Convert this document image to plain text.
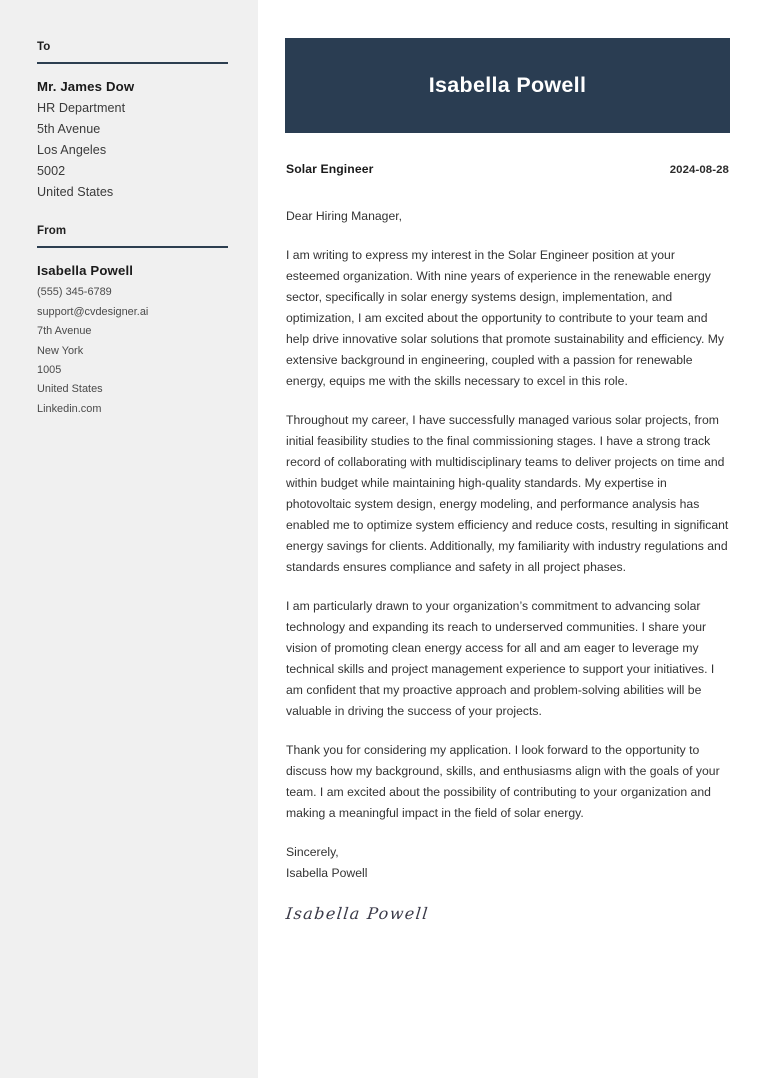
To
Mr. James Dow
HR Department
5th Avenue
Los Angeles
5002
United States
From
Isabella Powell
(555) 345-6789
support@cvdesigner.ai
7th Avenue
New York
1005
United States
Linkedin.com
Isabella Powell
Solar Engineer	2024-08-28

Dear Hiring Manager,

I am writing to express my interest in the Solar Engineer position at your esteemed organization. With nine years of experience in the renewable energy sector, specifically in solar energy systems design, implementation, and optimization, I am excited about the opportunity to contribute to your team and help drive innovative solar solutions that promote sustainability and efficiency. My extensive background in engineering, coupled with a passion for renewable energy, equips me with the skills necessary to excel in this role.

Throughout my career, I have successfully managed various solar projects, from initial feasibility studies to the final commissioning stages. I have a strong track record of collaborating with multidisciplinary teams to deliver projects on time and within budget while maintaining high-quality standards. My expertise in photovoltaic system design, energy modeling, and performance analysis has enabled me to optimize system efficiency and reduce costs, resulting in significant energy savings for clients. Additionally, my familiarity with industry regulations and standards ensures compliance and safety in all project phases.

I am particularly drawn to your organization’s commitment to advancing solar technology and expanding its reach to underserved communities. I share your vision of promoting clean energy access for all and am eager to leverage my technical skills and project management experience to support your initiatives. I am confident that my proactive approach and problem-solving abilities will be valuable in driving the success of your projects.

Thank you for considering my application. I look forward to the opportunity to discuss how my background, skills, and enthusiasms align with the goals of your team. I am excited about the possibility of contributing to your organization and making a meaningful impact in the field of solar energy.

Sincerely,

Isabella Powell

Isabella Powell
